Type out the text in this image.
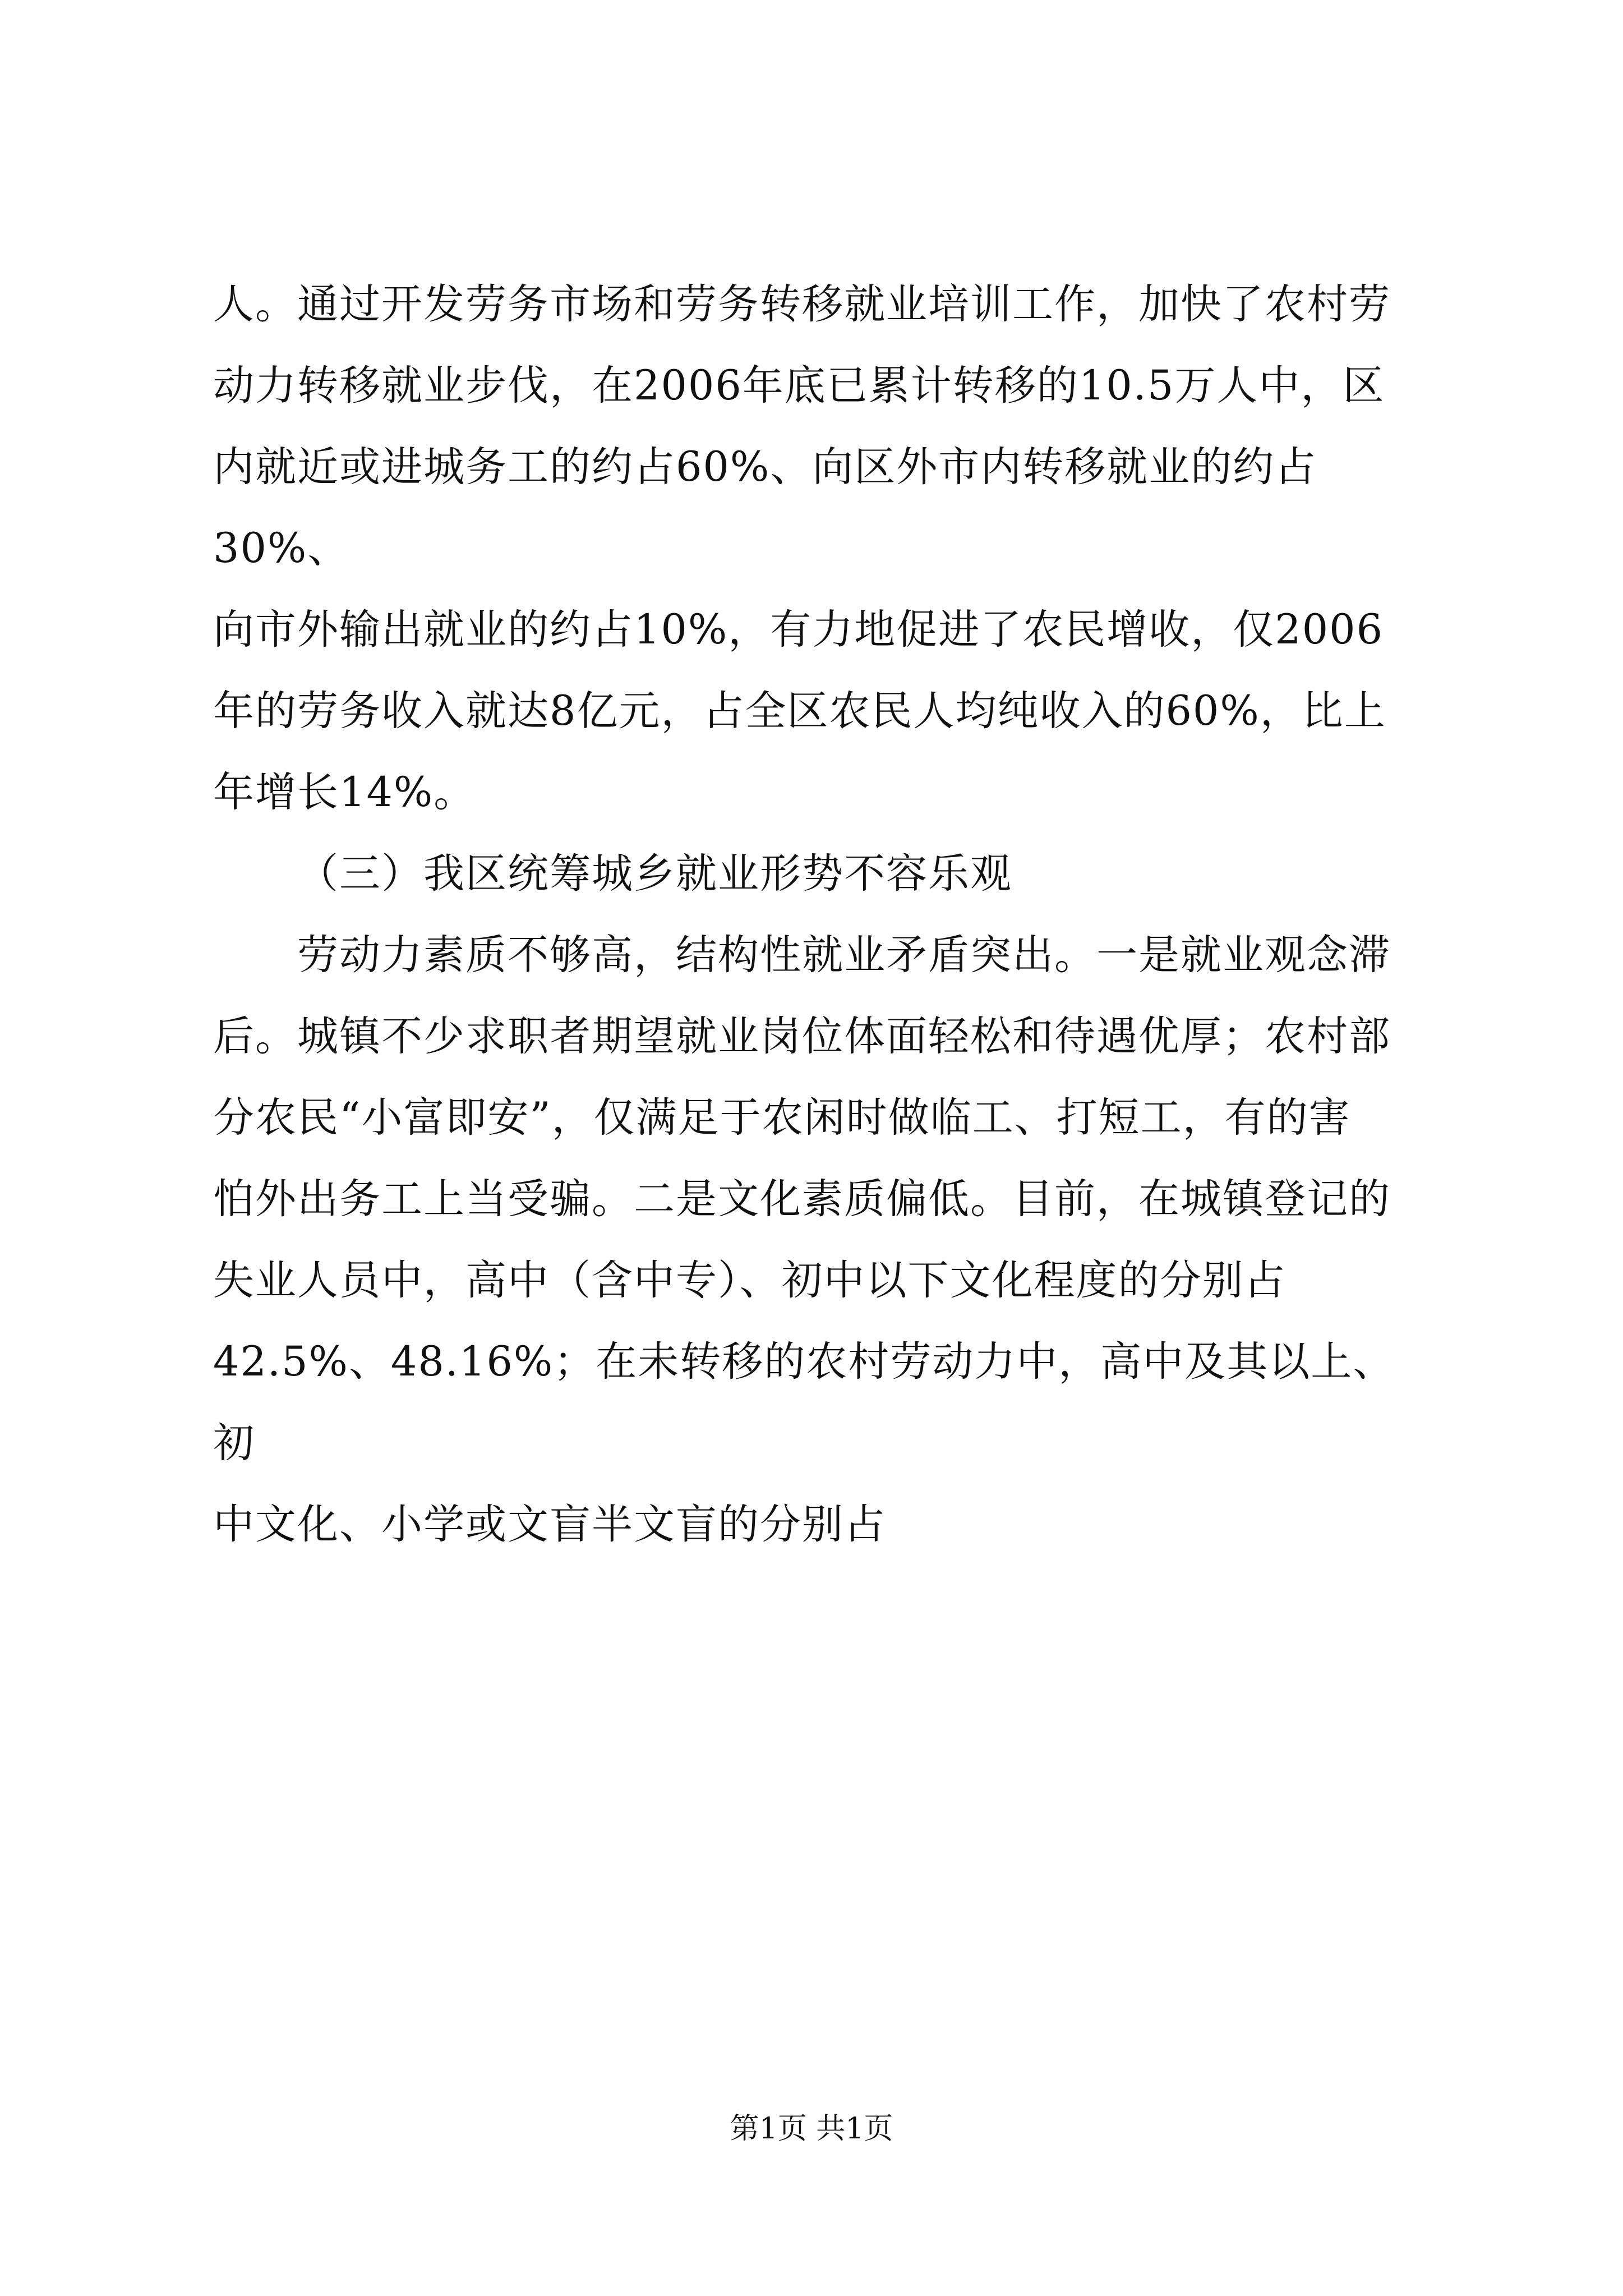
人。通过开发劳务市场和劳务转移就业培训工作，加快了农村劳
动力转移就业步伐，在2006年底已累计转移的10.5万人中，区
内就近或进城务工的约占60%、向区外市内转移就业的约占30%、
向市外输出就业的约占10%，有力地促进了农民增收，仅2006
年的劳务收入就达8亿元，占全区农民人均纯收入的60%，比上
年增长14%。

（三）我区统筹城乡就业形势不容乐观

劳动力素质不够高，结构性就业矛盾突出。一是就业观念滞
后。城镇不少求职者期望就业岗位体面轻松和待遇优厚；农村部
分农民“小富即安”，仅满足于农闲时做临工、打短工，有的害
怕外出务工上当受骗。二是文化素质偏低。目前，在城镇登记的
失业人员中，高中（含中专）、初中以下文化程度的分别占
42.5%、48.16%；在未转移的农村劳动力中，高中及其以上、初
中文化、小学或文盲半文盲的分别占

第1页 共1页
